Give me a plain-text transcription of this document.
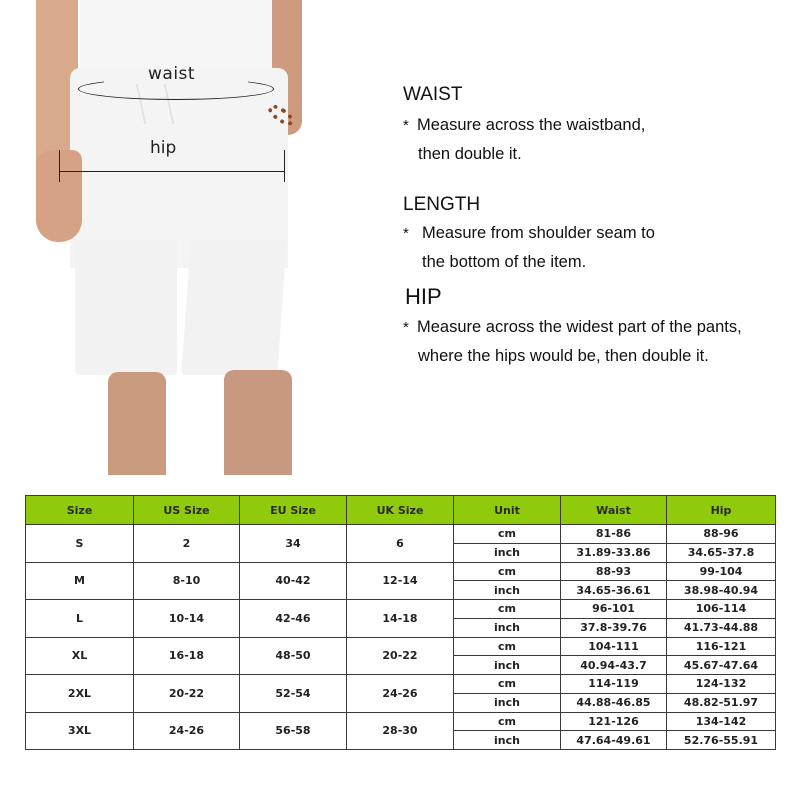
waist
hip
WAIST
* Measure across the waistband,
then double it.
LENGTH
* Measure from shoulder seam to
the bottom of the item.
HIP
* Measure across the widest part of the pants,
where the hips would be, then double it.
Size	US Size	EU Size	UK Size	Unit	Waist	Hip
S	2	34	6	cm	81-86	88-96
				inch	31.89-33.86	34.65-37.8
M	8-10	40-42	12-14	cm	88-93	99-104
				inch	34.65-36.61	38.98-40.94
L	10-14	42-46	14-18	cm	96-101	106-114
				inch	37.8-39.76	41.73-44.88
XL	16-18	48-50	20-22	cm	104-111	116-121
				inch	40.94-43.7	45.67-47.64
2XL	20-22	52-54	24-26	cm	114-119	124-132
				inch	44.88-46.85	48.82-51.97
3XL	24-26	56-58	28-30	cm	121-126	134-142
				inch	47.64-49.61	52.76-55.91
